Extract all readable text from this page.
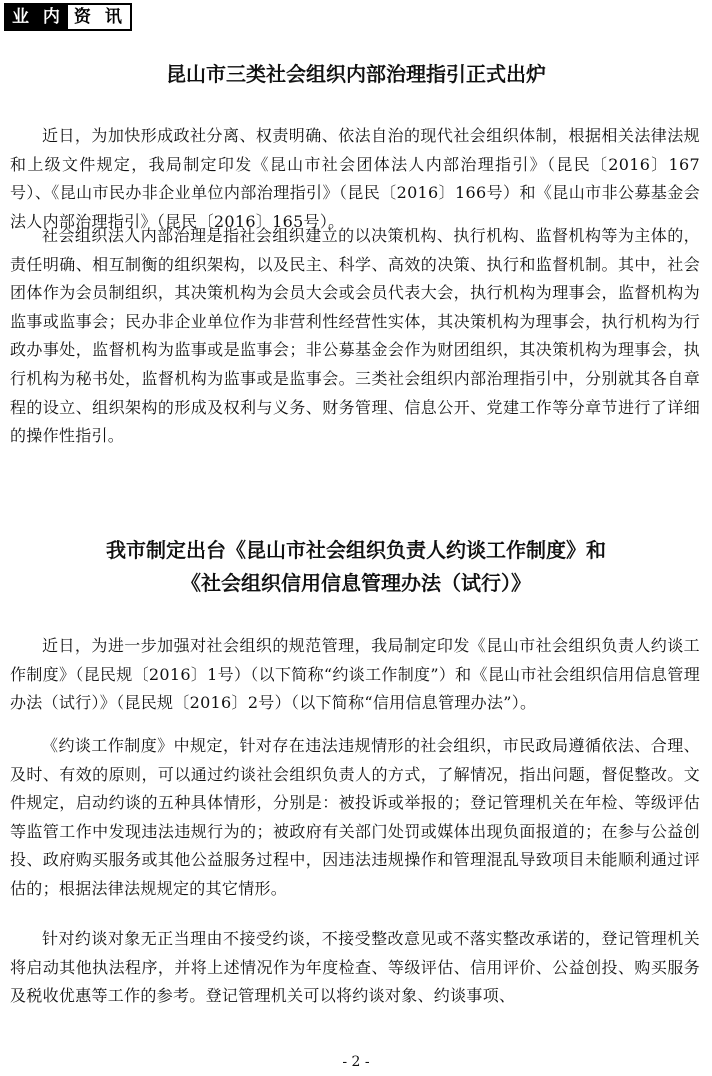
业 内 资 讯
昆山市三类社会组织内部治理指引正式出炉

近日，为加快形成政社分离、权责明确、依法自治的现代社会组织体制，根据相关法律法规和上级文件规定，我局制定印发《昆山市社会团体法人内部治理指引》（昆民〔2016〕167号）、《昆山市民办非企业单位内部治理指引》（昆民〔2016〕166号）和《昆山市非公募基金会法人内部治理指引》（昆民〔2016〕165号）。

社会组织法人内部治理是指社会组织建立的以决策机构、执行机构、监督机构等为主体的，责任明确、相互制衡的组织架构，以及民主、科学、高效的决策、执行和监督机制。其中，社会团体作为会员制组织，其决策机构为会员大会或会员代表大会，执行机构为理事会，监督机构为监事或监事会；民办非企业单位作为非营利性经营性实体，其决策机构为理事会，执行机构为行政办事处，监督机构为监事或是监事会；非公募基金会作为财团组织，其决策机构为理事会，执行机构为秘书处，监督机构为监事或是监事会。三类社会组织内部治理指引中，分别就其各自章程的设立、组织架构的形成及权利与义务、财务管理、信息公开、党建工作等分章节进行了详细的操作性指引。

我市制定出台《昆山市社会组织负责人约谈工作制度》和
《社会组织信用信息管理办法（试行）》

近日，为进一步加强对社会组织的规范管理，我局制定印发《昆山市社会组织负责人约谈工作制度》（昆民规〔2016〕1号）（以下简称“约谈工作制度”）和《昆山市社会组织信用信息管理办法（试行）》（昆民规〔2016〕2号）（以下简称“信用信息管理办法”）。

《约谈工作制度》中规定，针对存在违法违规情形的社会组织，市民政局遵循依法、合理、及时、有效的原则，可以通过约谈社会组织负责人的方式，了解情况，指出问题，督促整改。文件规定，启动约谈的五种具体情形，分别是：被投诉或举报的；登记管理机关在年检、等级评估等监管工作中发现违法违规行为的；被政府有关部门处罚或媒体出现负面报道的；在参与公益创投、政府购买服务或其他公益服务过程中，因违法违规操作和管理混乱导致项目未能顺利通过评估的；根据法律法规规定的其它情形。

针对约谈对象无正当理由不接受约谈，不接受整改意见或不落实整改承诺的，登记管理机关将启动其他执法程序，并将上述情况作为年度检查、等级评估、信用评价、公益创投、购买服务及税收优惠等工作的参考。登记管理机关可以将约谈对象、约谈事项、

- 2 -
